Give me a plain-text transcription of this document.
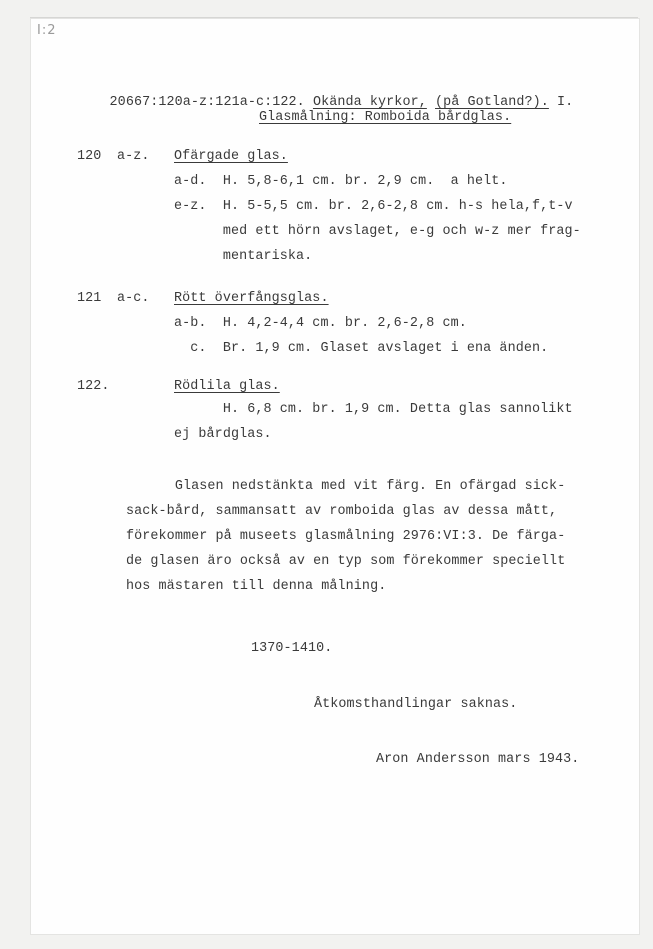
I:2

20667:120a-z:121a-c:122. Okända kyrkor, (på Gotland?). I.

Glasmålning: Romboida bårdglas.
120 a-z. Ofärgade glas.
a-d.  H. 5,8-6,1 cm. br. 2,9 cm.  a helt.
e-z.  H. 5-5,5 cm. br. 2,6-2,8 cm. h-s hela,f,t-v
med ett hörn avslaget, e-g och w-z mer frag-
mentariska.
121 a-c. Rött överfångsglas.
a-b.  H. 4,2-4,4 cm. br. 2,6-2,8 cm.
c.  Br. 1,9 cm. Glaset avslaget i ena änden.
122.	Rödlila glas.
H. 6,8 cm. br. 1,9 cm. Detta glas sannolikt
ej bårdglas.
Glasen nedstänkta med vit färg. En ofärgad sick-
sack-bård, sammansatt av romboida glas av dessa mått,
förekommer på museets glasmålning 2976:VI:3. De färga-
de glasen äro också av en typ som förekommer speciellt
hos mästaren till denna målning.
1370-1410.
Åtkomsthandlingar saknas.
Aron Andersson mars 1943.
